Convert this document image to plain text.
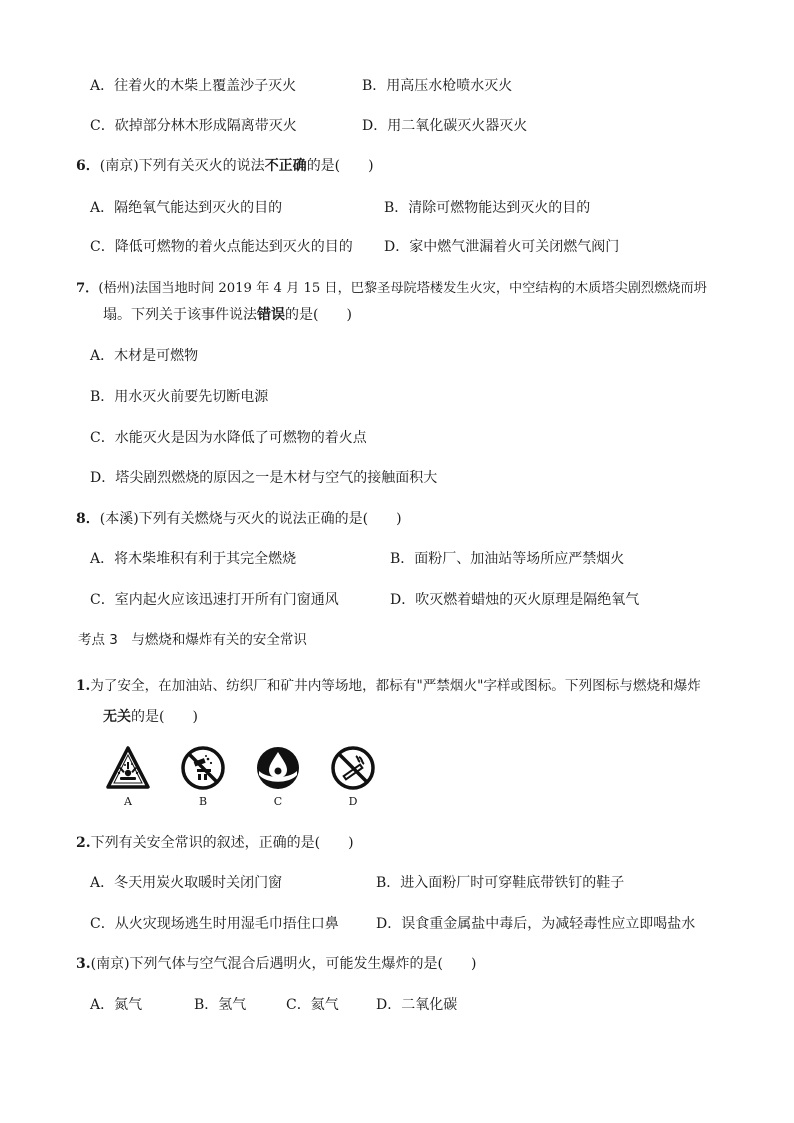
A．往着火的木柴上覆盖沙子灭火	B．用高压水枪喷水灭火
C．砍掉部分林木形成隔离带灭火	D．用二氧化碳灭火器灭火
6．(南京)下列有关灭火的说法不正确的是(　　)
A．隔绝氧气能达到灭火的目的	B．清除可燃物能达到灭火的目的
C．降低可燃物的着火点能达到灭火的目的 D．家中燃气泄漏着火可关闭燃气阀门
7．(梧州)法国当地时间 2019 年 4 月 15 日，巴黎圣母院塔楼发生火灾，中空结构的木质塔尖剧烈燃烧而坍
塌。下列关于该事件说法错误的是(　　)
A．木材是可燃物
B．用水灭火前要先切断电源
C．水能灭火是因为水降低了可燃物的着火点
D．塔尖剧烈燃烧的原因之一是木材与空气的接触面积大
8．(本溪)下列有关燃烧与灭火的说法正确的是(　　)
A．将木柴堆积有利于其完全燃烧	B．面粉厂、加油站等场所应严禁烟火
C．室内起火应该迅速打开所有门窗通风	D．吹灭燃着蜡烛的灭火原理是隔绝氧气
考点 3　与燃烧和爆炸有关的安全常识
1.为了安全，在加油站、纺织厂和矿井内等场地，都标有"严禁烟火"字样或图标。下列图标与燃烧和爆炸
无关的是(　　)
A	B	C	D
2.下列有关安全常识的叙述，正确的是(　　)
A．冬天用炭火取暖时关闭门窗	B．进入面粉厂时可穿鞋底带铁钉的鞋子
C．从火灾现场逃生时用湿毛巾捂住口鼻	D．误食重金属盐中毒后，为减轻毒性应立即喝盐水
3.(南京)下列气体与空气混合后遇明火，可能发生爆炸的是(　　)
A．氮气	B．氢气	C．氦气	D．二氧化碳
